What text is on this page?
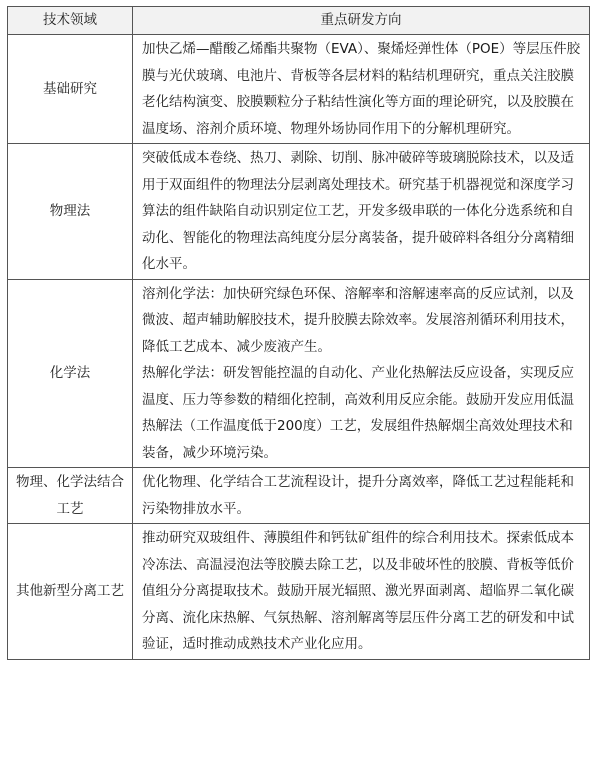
技术领域	重点研发方向
基础研究	加快乙烯—醋酸乙烯酯共聚物（EVA）、聚烯烃弹性体（POE）等层压件胶膜与光伏玻璃、电池片、背板等各层材料的粘结机理研究，重点关注胶膜老化结构演变、胶膜颗粒分子粘结性演化等方面的理论研究，以及胶膜在温度场、溶剂介质环境、物理外场协同作用下的分解机理研究。

物理法	突破低成本卷绕、热刀、剥除、切削、脉冲破碎等玻璃脱除技术，以及适用于双面组件的物理法分层剥离处理技术。研究基于机器视觉和深度学习算法的组件缺陷自动识别定位工艺，开发多级串联的一体化分选系统和自动化、智能化的物理法高纯度分层分离装备，提升破碎料各组分分离精细化水平。

化学法	溶剂化学法：加快研究绿色环保、溶解率和溶解速率高的反应试剂，以及微波、超声辅助解胶技术，提升胶膜去除效率。发展溶剂循环利用技术，降低工艺成本、减少废液产生。

热解化学法：研发智能控温的自动化、产业化热解法反应设备，实现反应温度、压力等参数的精细化控制，高效利用反应余能。鼓励开发应用低温热解法（工作温度低于200度）工艺，发展组件热解烟尘高效处理技术和装备，减少环境污染。

物理、化学法结合工艺	优化物理、化学结合工艺流程设计，提升分离效率，降低工艺过程能耗和污染物排放水平。

其他新型分离工艺	推动研究双玻组件、薄膜组件和钙钛矿组件的综合利用技术。探索低成本冷冻法、高温浸泡法等胶膜去除工艺，以及非破坏性的胶膜、背板等低价值组分分离提取技术。鼓励开展光辐照、激光界面剥离、超临界二氧化碳分离、流化床热解、气氛热解、溶剂解离等层压件分离工艺的研发和中试验证，适时推动成熟技术产业化应用。
